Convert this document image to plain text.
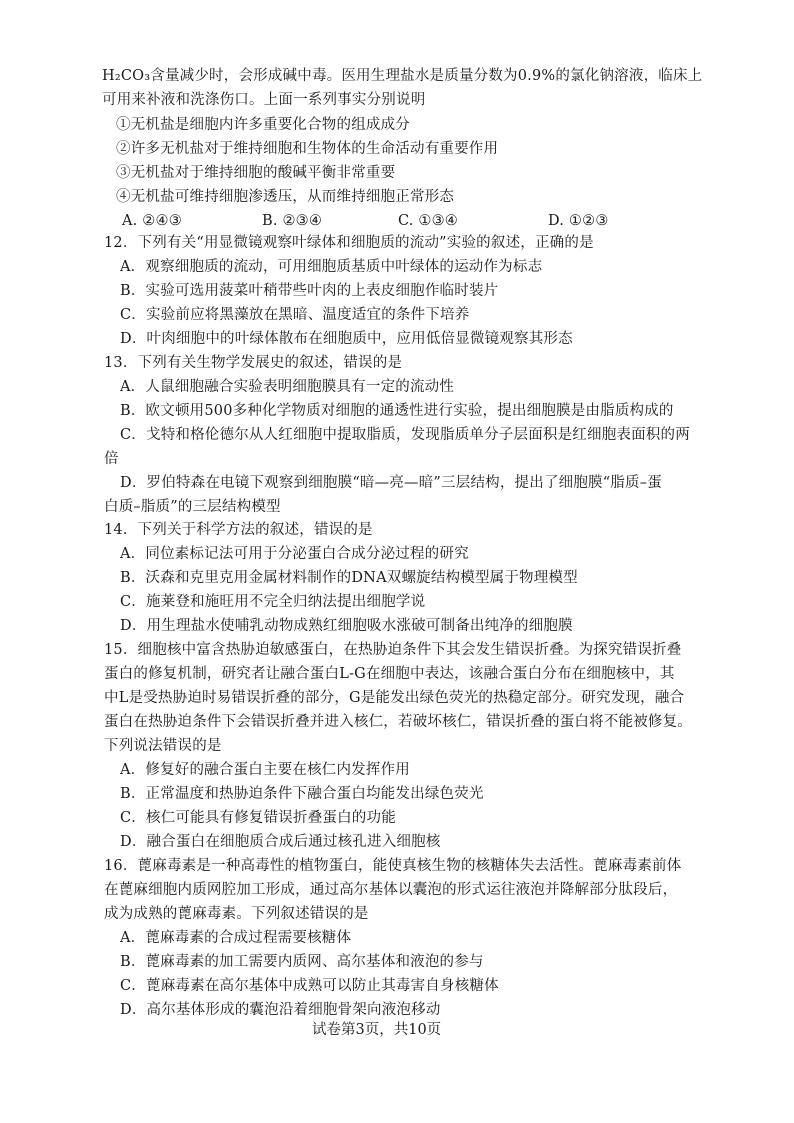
H₂CO₃含量减少时，会形成碱中毒。医用生理盐水是质量分数为0.9%的氯化钠溶液，临床上
可用来补液和洗涤伤口。上面一系列事实分别说明
①无机盐是细胞内许多重要化合物的组成成分
②许多无机盐对于维持细胞和生物体的生命活动有重要作用
③无机盐对于维持细胞的酸碱平衡非常重要
④无机盐可维持细胞渗透压，从而维持细胞正常形态
A. ②④③	B. ②③④	C. ①③④	D. ①②③
12．下列有关“用显微镜观察叶绿体和细胞质的流动”实验的叙述，正确的是
A．观察细胞质的流动，可用细胞质基质中叶绿体的运动作为标志
B．实验可选用菠菜叶稍带些叶肉的上表皮细胞作临时装片
C．实验前应将黑藻放在黑暗、温度适宜的条件下培养
D．叶肉细胞中的叶绿体散布在细胞质中，应用低倍显微镜观察其形态
13．下列有关生物学发展史的叙述，错误的是
A．人鼠细胞融合实验表明细胞膜具有一定的流动性
B．欧文顿用500多种化学物质对细胞的通透性进行实验，提出细胞膜是由脂质构成的
C．戈特和格伦德尔从人红细胞中提取脂质，发现脂质单分子层面积是红细胞表面积的两
倍
D．罗伯特森在电镜下观察到细胞膜“暗—亮—暗”三层结构，提出了细胞膜“脂质–蛋
白质–脂质”的三层结构模型
14．下列关于科学方法的叙述，错误的是
A．同位素标记法可用于分泌蛋白合成分泌过程的研究
B．沃森和克里克用金属材料制作的DNA双螺旋结构模型属于物理模型
C．施莱登和施旺用不完全归纳法提出细胞学说
D．用生理盐水使哺乳动物成熟红细胞吸水涨破可制备出纯净的细胞膜
15．细胞核中富含热胁迫敏感蛋白，在热胁迫条件下其会发生错误折叠。为探究错误折叠
蛋白的修复机制，研究者让融合蛋白L-G在细胞中表达，该融合蛋白分布在细胞核中，其
中L是受热胁迫时易错误折叠的部分，G是能发出绿色荧光的热稳定部分。研究发现，融合
蛋白在热胁迫条件下会错误折叠并进入核仁，若破坏核仁，错误折叠的蛋白将不能被修复。
下列说法错误的是
A．修复好的融合蛋白主要在核仁内发挥作用
B．正常温度和热胁迫条件下融合蛋白均能发出绿色荧光
C．核仁可能具有修复错误折叠蛋白的功能
D．融合蛋白在细胞质合成后通过核孔进入细胞核
16．蓖麻毒素是一种高毒性的植物蛋白，能使真核生物的核糖体失去活性。蓖麻毒素前体
在蓖麻细胞内质网腔加工形成，通过高尔基体以囊泡的形式运往液泡并降解部分肽段后，
成为成熟的蓖麻毒素。下列叙述错误的是
A．蓖麻毒素的合成过程需要核糖体
B．蓖麻毒素的加工需要内质网、高尔基体和液泡的参与
C．蓖麻毒素在高尔基体中成熟可以防止其毒害自身核糖体
D．高尔基体形成的囊泡沿着细胞骨架向液泡移动
试卷第3页，共10页
